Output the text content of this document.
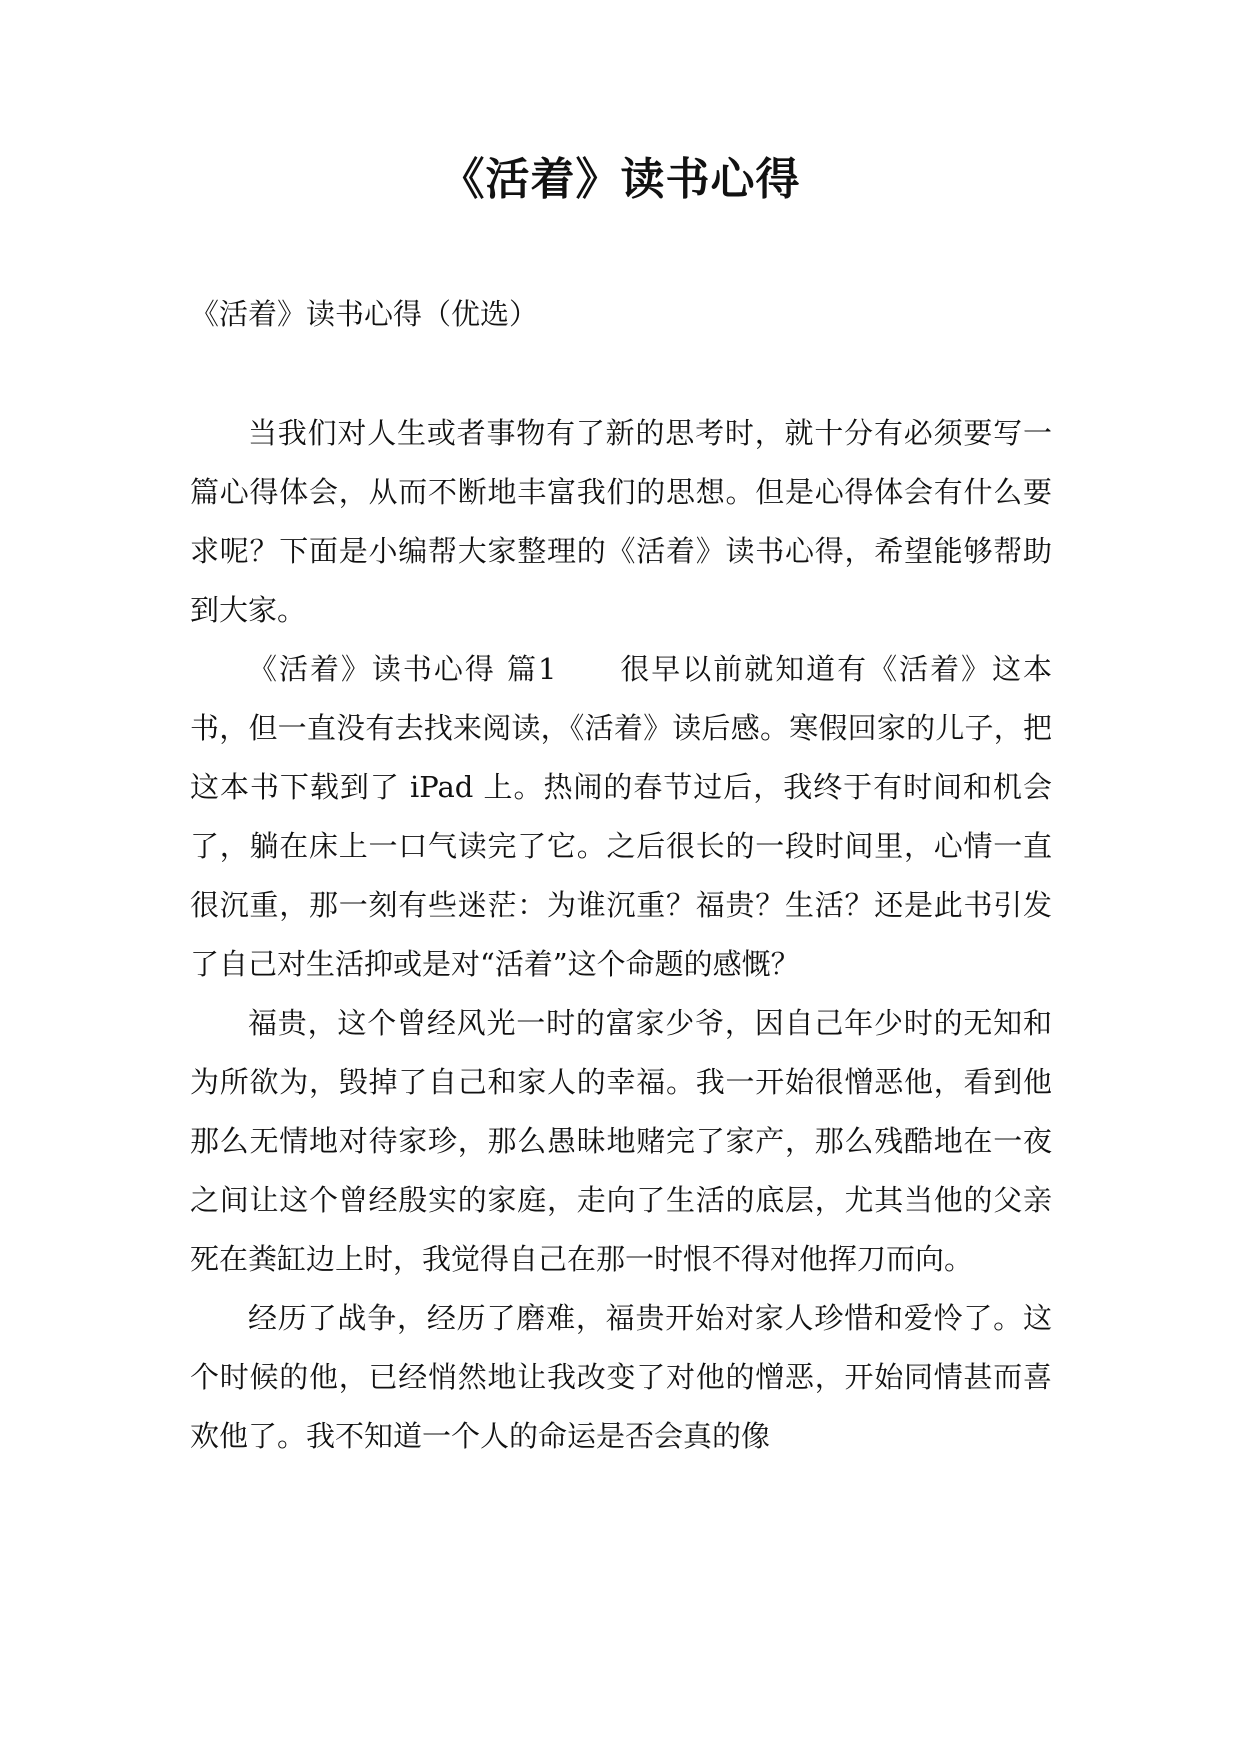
《活着》读书心得

《活着》读书心得（优选）

当我们对人生或者事物有了新的思考时，就十分有必须要写一篇心得体会，从而不断地丰富我们的思想。但是心得体会有什么要求呢？下面是小编帮大家整理的《活着》读书心得，希望能够帮助到大家。

《活着》读书心得 篇1　　很早以前就知道有《活着》这本书，但一直没有去找来阅读，《活着》读后感。寒假回家的儿子，把这本书下载到了 iPad 上。热闹的春节过后，我终于有时间和机会了，躺在床上一口气读完了它。之后很长的一段时间里，心情一直很沉重，那一刻有些迷茫：为谁沉重？福贵？生活？还是此书引发了自己对生活抑或是对“活着”这个命题的感慨？

福贵，这个曾经风光一时的富家少爷，因自己年少时的无知和为所欲为，毁掉了自己和家人的幸福。我一开始很憎恶他，看到他那么无情地对待家珍，那么愚昧地赌完了家产，那么残酷地在一夜之间让这个曾经殷实的家庭，走向了生活的底层，尤其当他的父亲死在粪缸边上时，我觉得自己在那一时恨不得对他挥刀而向。

经历了战争，经历了磨难，福贵开始对家人珍惜和爱怜了。这个时候的他，已经悄然地让我改变了对他的憎恶，开始同情甚而喜欢他了。我不知道一个人的命运是否会真的像
